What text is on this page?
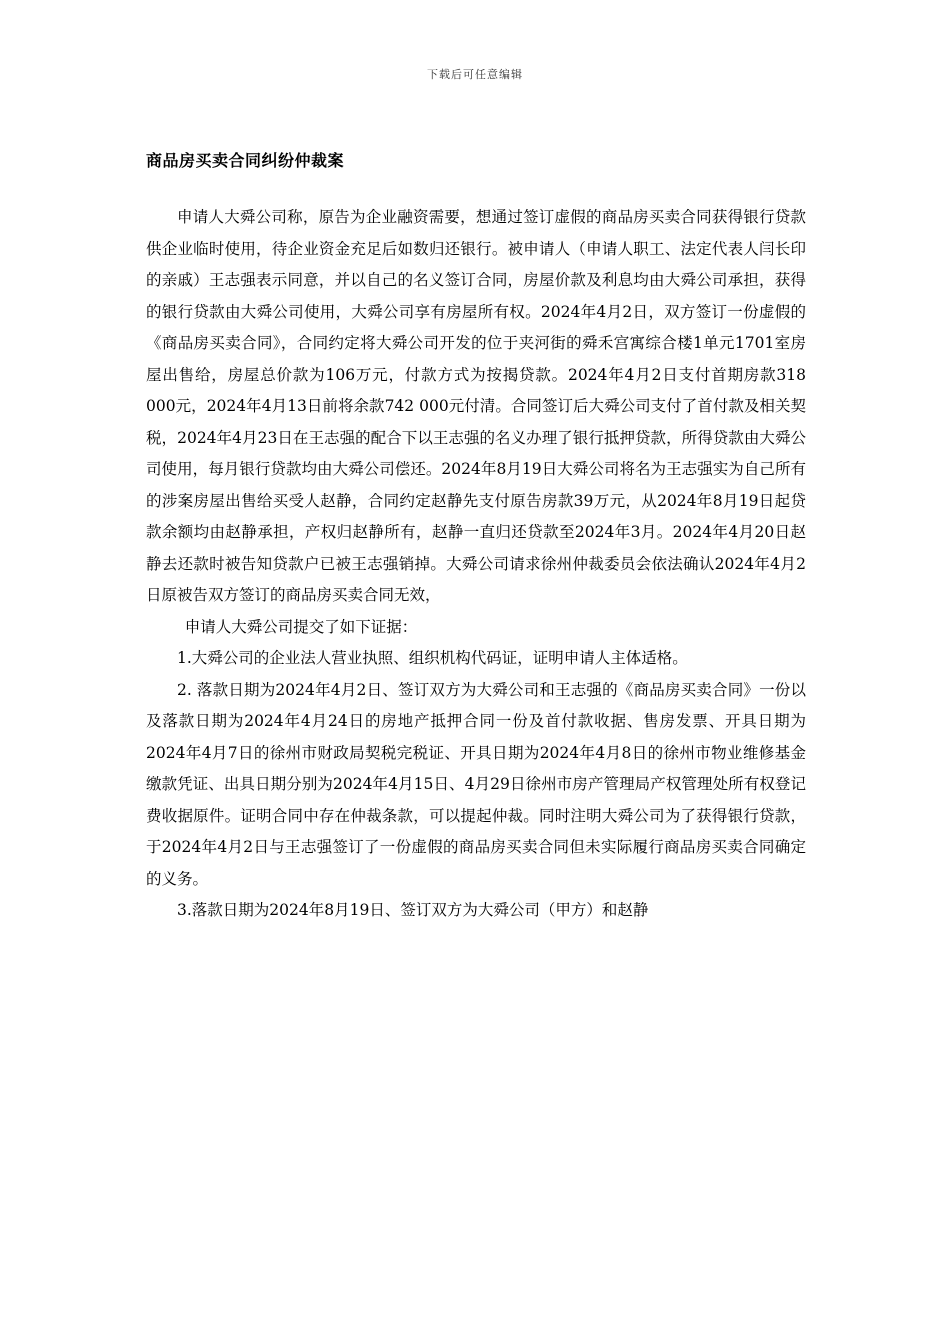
下载后可任意编辑
商品房买卖合同纠纷仲裁案

申请人大舜公司称，原告为企业融资需要，想通过签订虚假的商品房买卖合同获得银行贷款供企业临时使用，待企业资金充足后如数归还银行。被申请人（申请人职工、法定代表人闫长印的亲戚）王志强表示同意，并以自己的名义签订合同，房屋价款及利息均由大舜公司承担，获得的银行贷款由大舜公司使用，大舜公司享有房屋所有权。2024年4月2日，双方签订一份虚假的《商品房买卖合同》，合同约定将大舜公司开发的位于夹河街的舜禾宫寓综合楼1单元1701室房屋出售给，房屋总价款为106万元，付款方式为按揭贷款。2024年4月2日支付首期房款318 000元，2024年4月13日前将余款742 000元付清。合同签订后大舜公司支付了首付款及相关契税，2024年4月23日在王志强的配合下以王志强的名义办理了银行抵押贷款，所得贷款由大舜公司使用，每月银行贷款均由大舜公司偿还。2024年8月19日大舜公司将名为王志强实为自己所有的涉案房屋出售给买受人赵静，合同约定赵静先支付原告房款39万元，从2024年8月19日起贷款余额均由赵静承担，产权归赵静所有，赵静一直归还贷款至2024年3月。2024年4月20日赵静去还款时被告知贷款户已被王志强销掉。大舜公司请求徐州仲裁委员会依法确认2024年4月2日原被告双方签订的商品房买卖合同无效，

申请人大舜公司提交了如下证据：

1.大舜公司的企业法人营业执照、组织机构代码证，证明申请人主体适格。

2. 落款日期为2024年4月2日、签订双方为大舜公司和王志强的《商品房买卖合同》一份以及落款日期为2024年4月24日的房地产抵押合同一份及首付款收据、售房发票、开具日期为2024年4月7日的徐州市财政局契税完税证、开具日期为2024年4月8日的徐州市物业维修基金缴款凭证、出具日期分别为2024年4月15日、4月29日徐州市房产管理局产权管理处所有权登记费收据原件。证明合同中存在仲裁条款，可以提起仲裁。同时注明大舜公司为了获得银行贷款，于2024年4月2日与王志强签订了一份虚假的商品房买卖合同但未实际履行商品房买卖合同确定的义务。

3.落款日期为2024年8月19日、签订双方为大舜公司（甲方）和赵静
